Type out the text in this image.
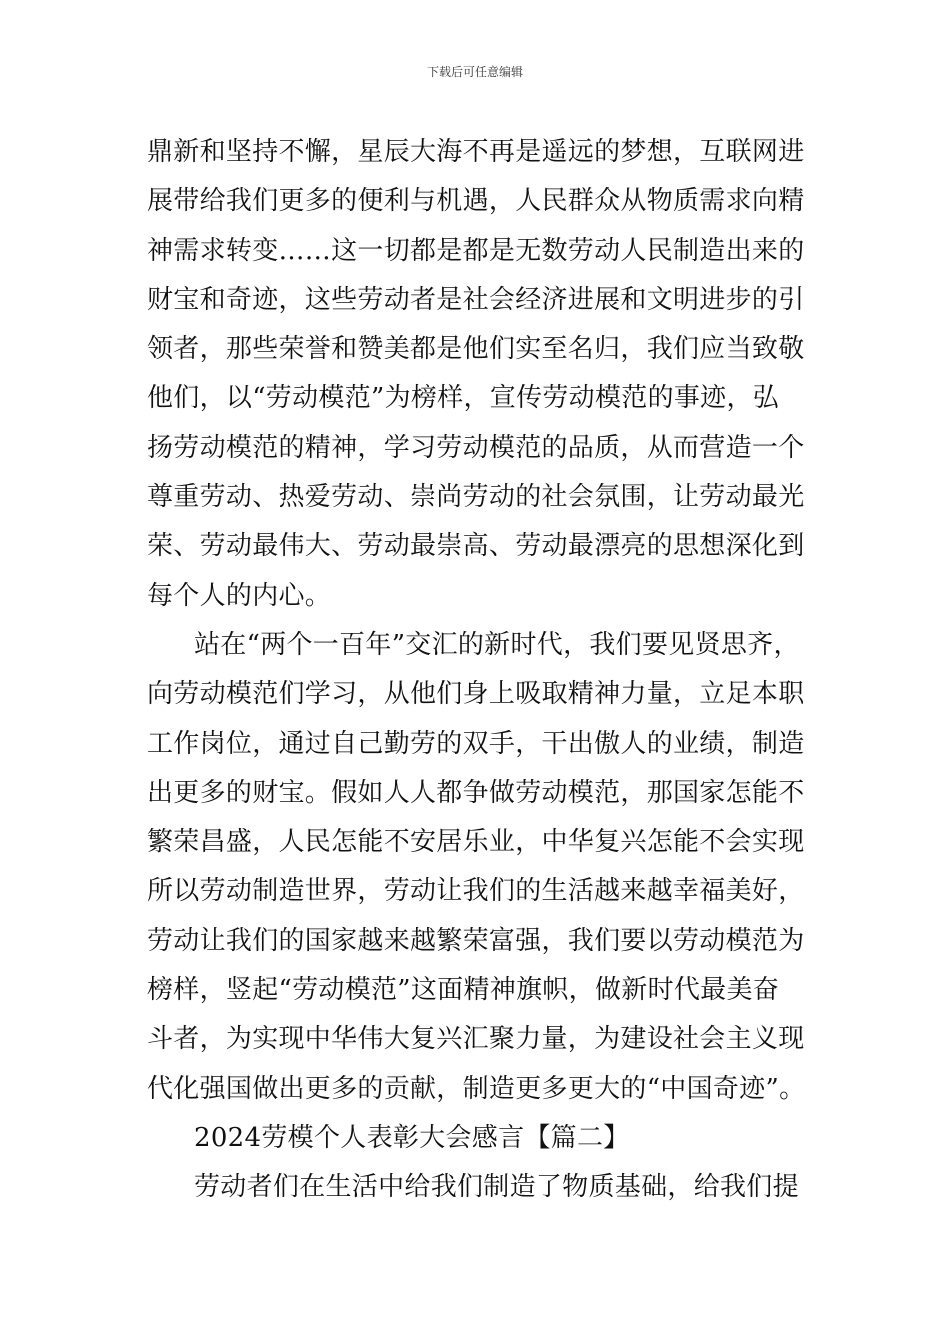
下载后可任意编辑
鼎新和坚持不懈，星辰大海不再是遥远的梦想，互联网进
展带给我们更多的便利与机遇，人民群众从物质需求向精
神需求转变……这一切都是都是无数劳动人民制造出来的
财宝和奇迹，这些劳动者是社会经济进展和文明进步的引
领者，那些荣誉和赞美都是他们实至名归，我们应当致敬
他们，以“劳动模范”为榜样，宣传劳动模范的事迹，弘
扬劳动模范的精神，学习劳动模范的品质，从而营造一个
尊重劳动、热爱劳动、崇尚劳动的社会氛围，让劳动最光
荣、劳动最伟大、劳动最崇高、劳动最漂亮的思想深化到
每个人的内心。
站在“两个一百年”交汇的新时代，我们要见贤思齐，
向劳动模范们学习，从他们身上吸取精神力量，立足本职
工作岗位，通过自己勤劳的双手，干出傲人的业绩，制造
出更多的财宝。假如人人都争做劳动模范，那国家怎能不
繁荣昌盛，人民怎能不安居乐业，中华复兴怎能不会实现
所以劳动制造世界，劳动让我们的生活越来越幸福美好，
劳动让我们的国家越来越繁荣富强，我们要以劳动模范为
榜样，竖起“劳动模范”这面精神旗帜，做新时代最美奋
斗者，为实现中华伟大复兴汇聚力量，为建设社会主义现
代化强国做出更多的贡献，制造更多更大的“中国奇迹”。
2024劳模个人表彰大会感言【篇二】
劳动者们在生活中给我们制造了物质基础，给我们提
